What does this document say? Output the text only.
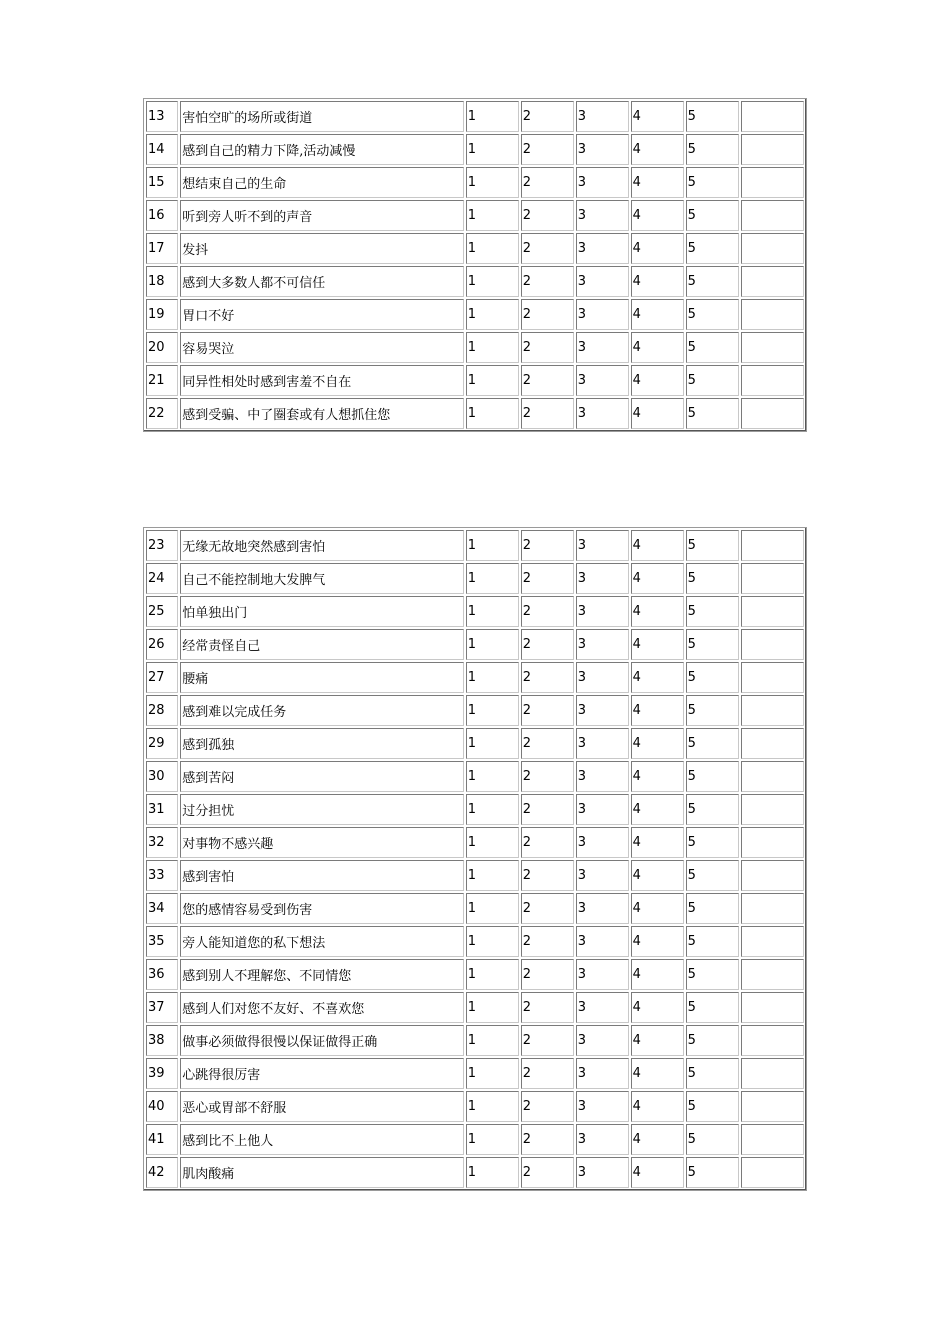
13	害怕空旷的场所或街道	1	2	3	4	5	
14	感到自己的精力下降,活动减慢	1	2	3	4	5	
15	想结束自己的生命	1	2	3	4	5	
16	听到旁人听不到的声音	1	2	3	4	5	
17	发抖	1	2	3	4	5	
18	感到大多数人都不可信任	1	2	3	4	5	
19	胃口不好	1	2	3	4	5	
20	容易哭泣	1	2	3	4	5	
21	同异性相处时感到害羞不自在	1	2	3	4	5	
22	感到受骗、中了圈套或有人想抓住您	1	2	3	4	5	
23	无缘无故地突然感到害怕	1	2	3	4	5	
24	自己不能控制地大发脾气	1	2	3	4	5	
25	怕单独出门	1	2	3	4	5	
26	经常责怪自己	1	2	3	4	5	
27	腰痛	1	2	3	4	5	
28	感到难以完成任务	1	2	3	4	5	
29	感到孤独	1	2	3	4	5	
30	感到苦闷	1	2	3	4	5	
31	过分担忧	1	2	3	4	5	
32	对事物不感兴趣	1	2	3	4	5	
33	感到害怕	1	2	3	4	5	
34	您的感情容易受到伤害	1	2	3	4	5	
35	旁人能知道您的私下想法	1	2	3	4	5	
36	感到别人不理解您、不同情您	1	2	3	4	5	
37	感到人们对您不友好、不喜欢您	1	2	3	4	5	
38	做事必须做得很慢以保证做得正确	1	2	3	4	5	
39	心跳得很厉害	1	2	3	4	5	
40	恶心或胃部不舒服	1	2	3	4	5	
41	感到比不上他人	1	2	3	4	5	
42	肌肉酸痛	1	2	3	4	5	
